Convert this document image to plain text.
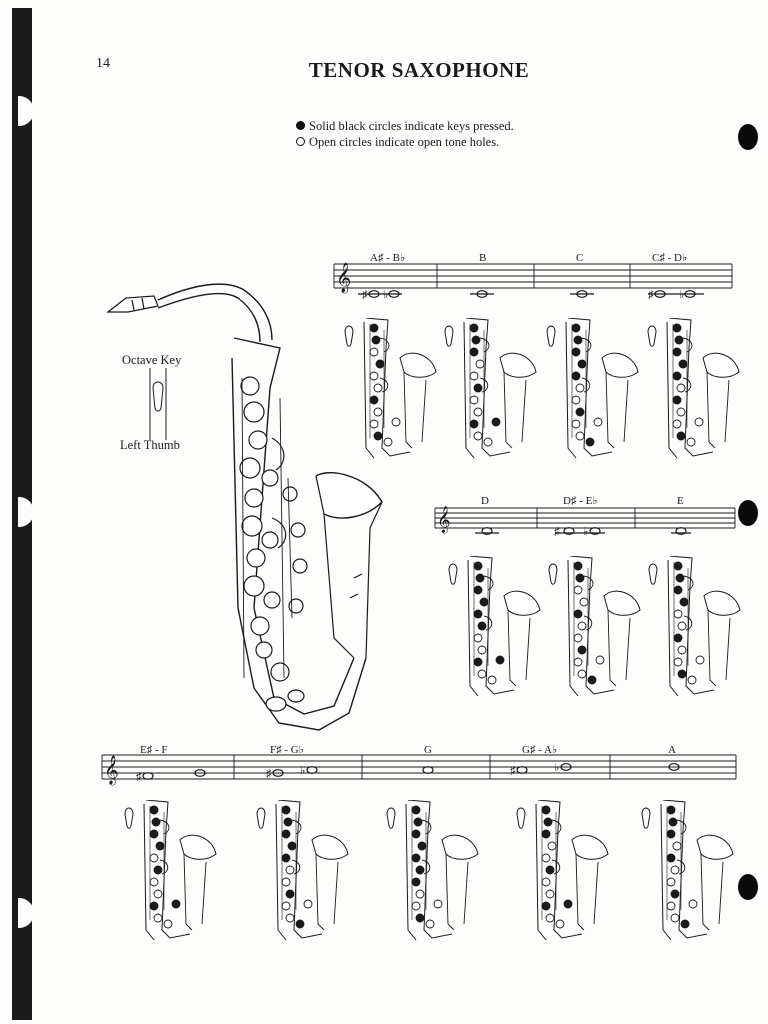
14	TENOR SAXOPHONE
Solid black circles indicate keys pressed.
Open circles indicate open tone holes.
Octave Key
Left Thumb
𝄞
A♯ - B♭	B	C	C♯ - D♭
♯ ♭	♯ ♭
𝄞
D	D♯ - E♭	E
♯ ♭
𝄞
E♯ - F	F♯ - G♭	G	G♯ - A♭	A
♯	♯	♭	♯	♭
